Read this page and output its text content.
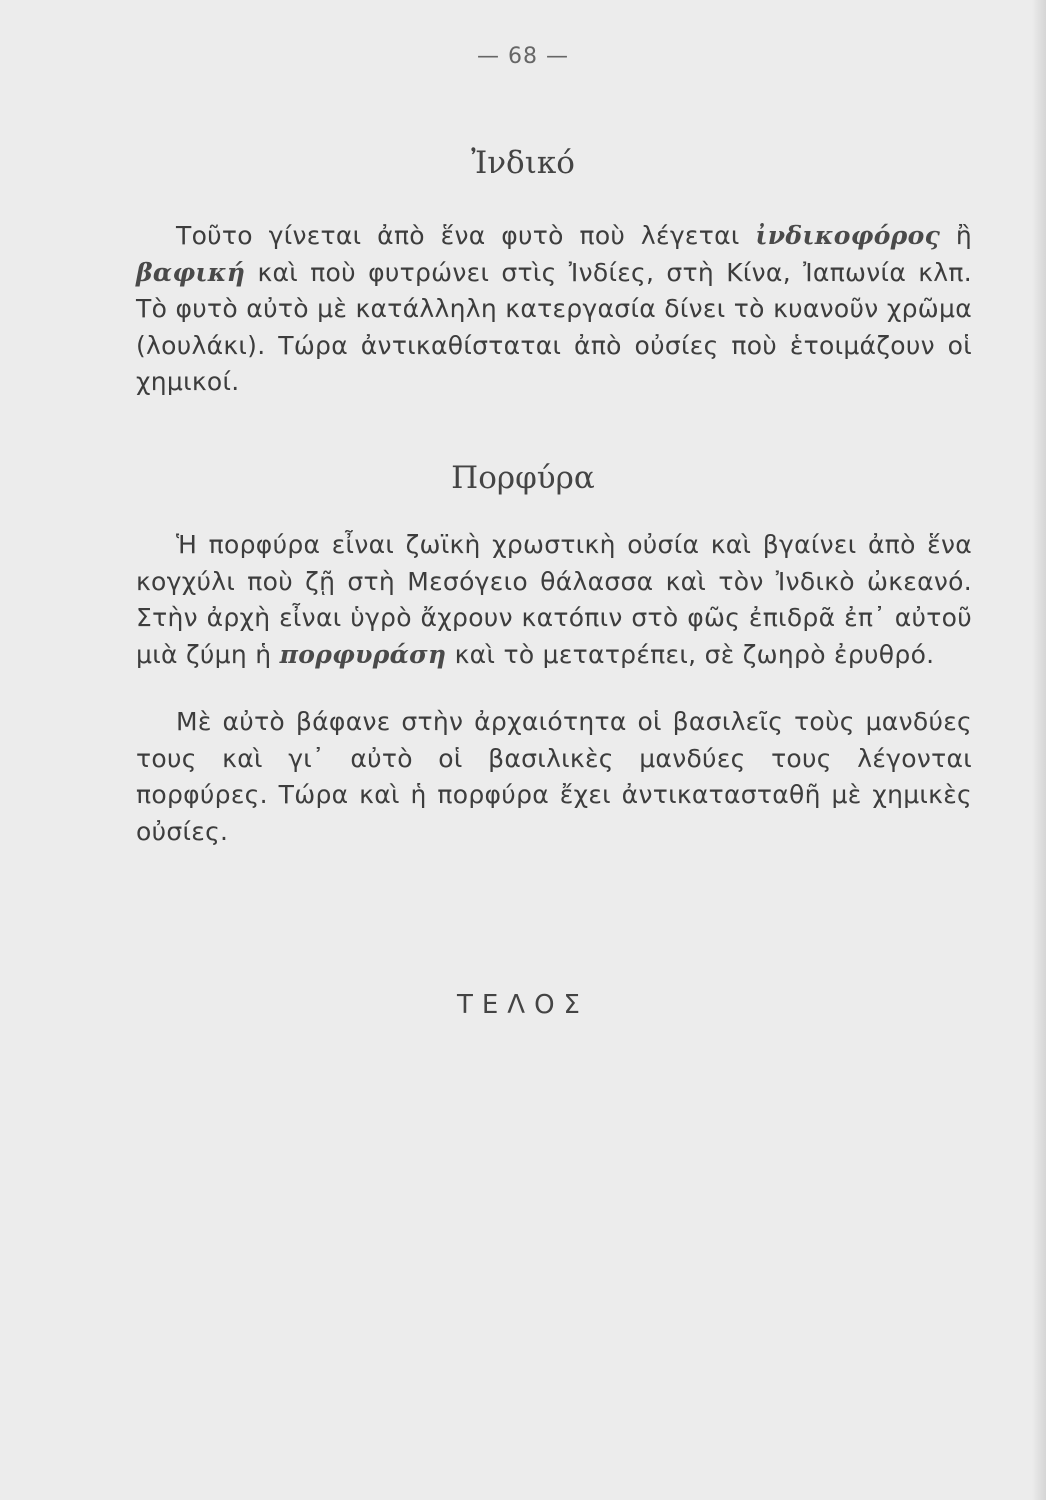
— 68 —
Ἰνδικό

Τοῦτο γίνεται ἀπὸ ἕνα φυτὸ ποὺ λέγεται ἰνδικοφόρος ἢ βαφική καὶ ποὺ φυτρώνει στὶς Ἰνδίες, στὴ Κίνα, Ἰαπωνία κλπ. Τὸ φυτὸ αὐτὸ μὲ κατάλληλη κατεργασία δίνει τὸ κυανοῦν χρῶμα (λουλάκι). Τώρα ἀντικαθίσταται ἀπὸ οὐσίες ποὺ ἑτοιμάζουν οἱ χημικοί.

Πορφύρα

Ἡ πορφύρα εἶναι ζωϊκὴ χρωστικὴ οὐσία καὶ βγαίνει ἀπὸ ἕνα κογχύλι ποὺ ζῇ στὴ Μεσόγειο θάλασσα καὶ τὸν Ἰνδικὸ ὠκεανό. Στὴν ἀρχὴ εἶναι ὑγρὸ ἄχρουν κατόπιν στὸ φῶς ἐπιδρᾶ ἐπ᾽ αὐτοῦ μιὰ ζύμη ἡ πορφυράση καὶ τὸ μετατρέπει, σὲ ζωηρὸ ἐρυθρό.

Μὲ αὐτὸ βάφανε στὴν ἀρχαιότητα οἱ βασιλεῖς τοὺς μανδύες τους καὶ γι᾽ αὐτὸ οἱ βασιλικὲς μανδύες τους λέγονται πορφύρες. Τώρα καὶ ἡ πορφύρα ἔχει ἀντικατασταθῆ μὲ χημικὲς οὐσίες.

ΤΕΛΟΣ
